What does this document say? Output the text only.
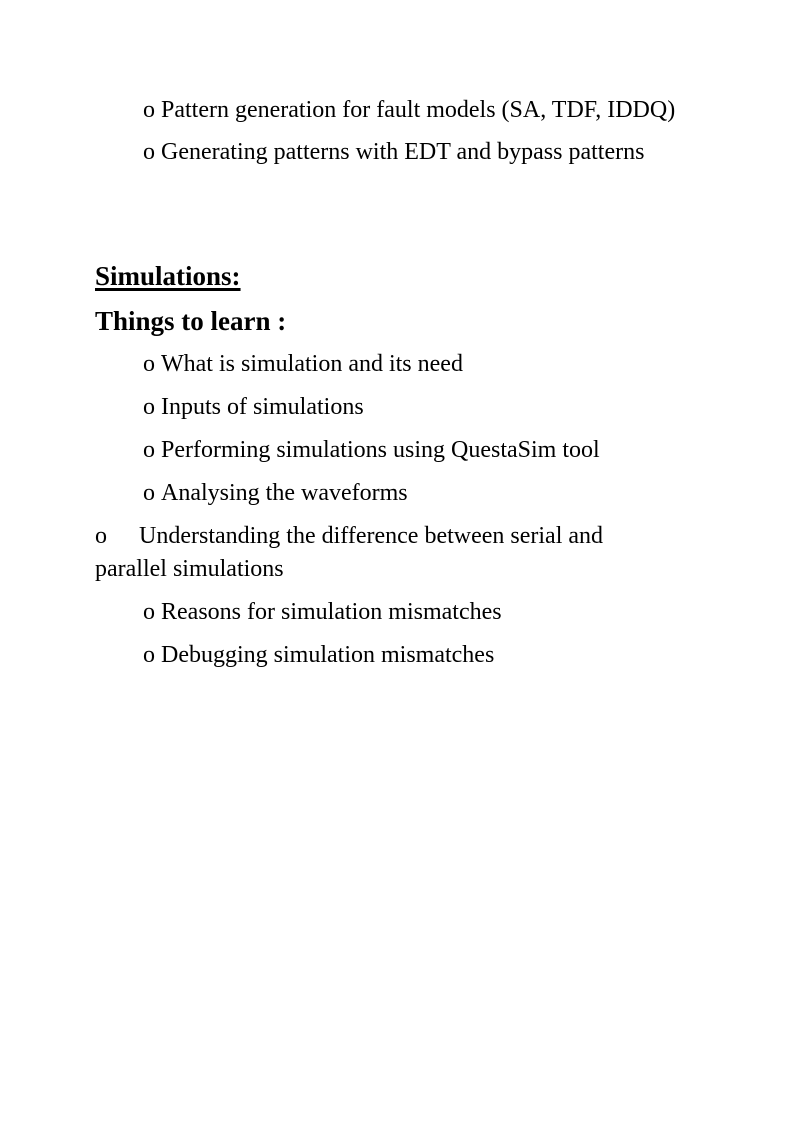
o Pattern generation for fault models (SA, TDF, IDDQ)

o Generating patterns with EDT and bypass patterns

Simulations:

Things to learn :

o What is simulation and its need

o Inputs of simulations

o Performing simulations using QuestaSim tool

o Analysing the waveforms

o Understanding the difference between serial and parallel simulations

o Reasons for simulation mismatches

o Debugging simulation mismatches
